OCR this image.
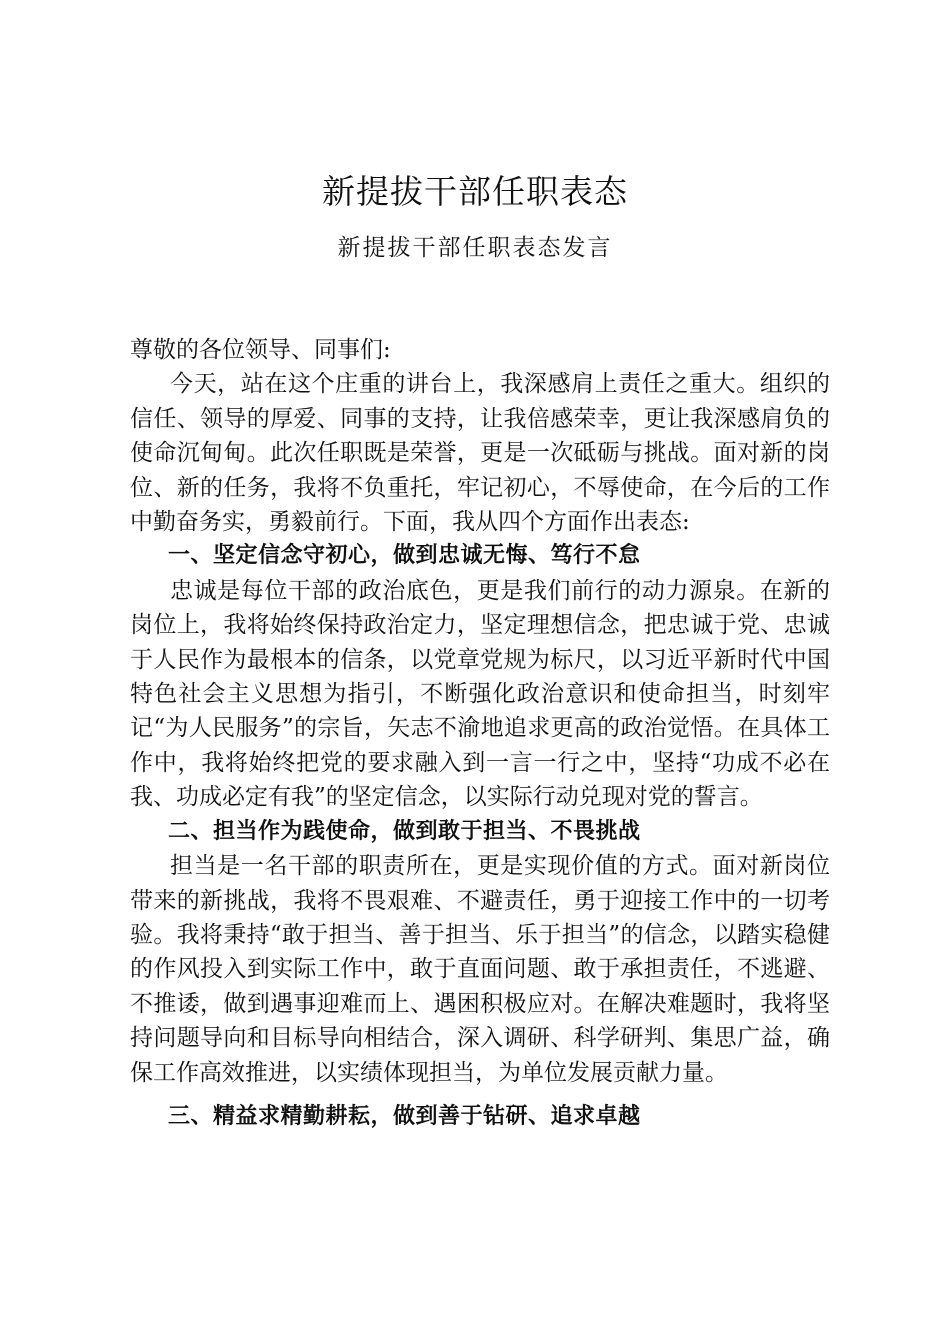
新提拔干部任职表态
新提拔干部任职表态发言

尊敬的各位领导、同事们:

今天，站在这个庄重的讲台上，我深感肩上责任之重大。组织的信任、领导的厚爱、同事的支持，让我倍感荣幸，更让我深感肩负的使命沉甸甸。此次任职既是荣誉，更是一次砥砺与挑战。面对新的岗位、新的任务，我将不负重托，牢记初心，不辱使命，在今后的工作中勤奋务实，勇毅前行。下面，我从四个方面作出表态:

一、坚定信念守初心，做到忠诚无悔、笃行不怠

忠诚是每位干部的政治底色，更是我们前行的动力源泉。在新的岗位上，我将始终保持政治定力，坚定理想信念，把忠诚于党、忠诚于人民作为最根本的信条，以党章党规为标尺，以习近平新时代中国特色社会主义思想为指引，不断强化政治意识和使命担当，时刻牢记“为人民服务”的宗旨，矢志不渝地追求更高的政治觉悟。在具体工作中，我将始终把党的要求融入到一言一行之中，坚持“功成不必在我、功成必定有我”的坚定信念，以实际行动兑现对党的誓言。

二、担当作为践使命，做到敢于担当、不畏挑战

担当是一名干部的职责所在，更是实现价值的方式。面对新岗位带来的新挑战，我将不畏艰难、不避责任，勇于迎接工作中的一切考验。我将秉持“敢于担当、善于担当、乐于担当”的信念，以踏实稳健的作风投入到实际工作中，敢于直面问题、敢于承担责任，不逃避、不推诿，做到遇事迎难而上、遇困积极应对。在解决难题时，我将坚持问题导向和目标导向相结合，深入调研、科学研判、集思广益，确保工作高效推进，以实绩体现担当，为单位发展贡献力量。

三、精益求精勤耕耘，做到善于钻研、追求卓越
